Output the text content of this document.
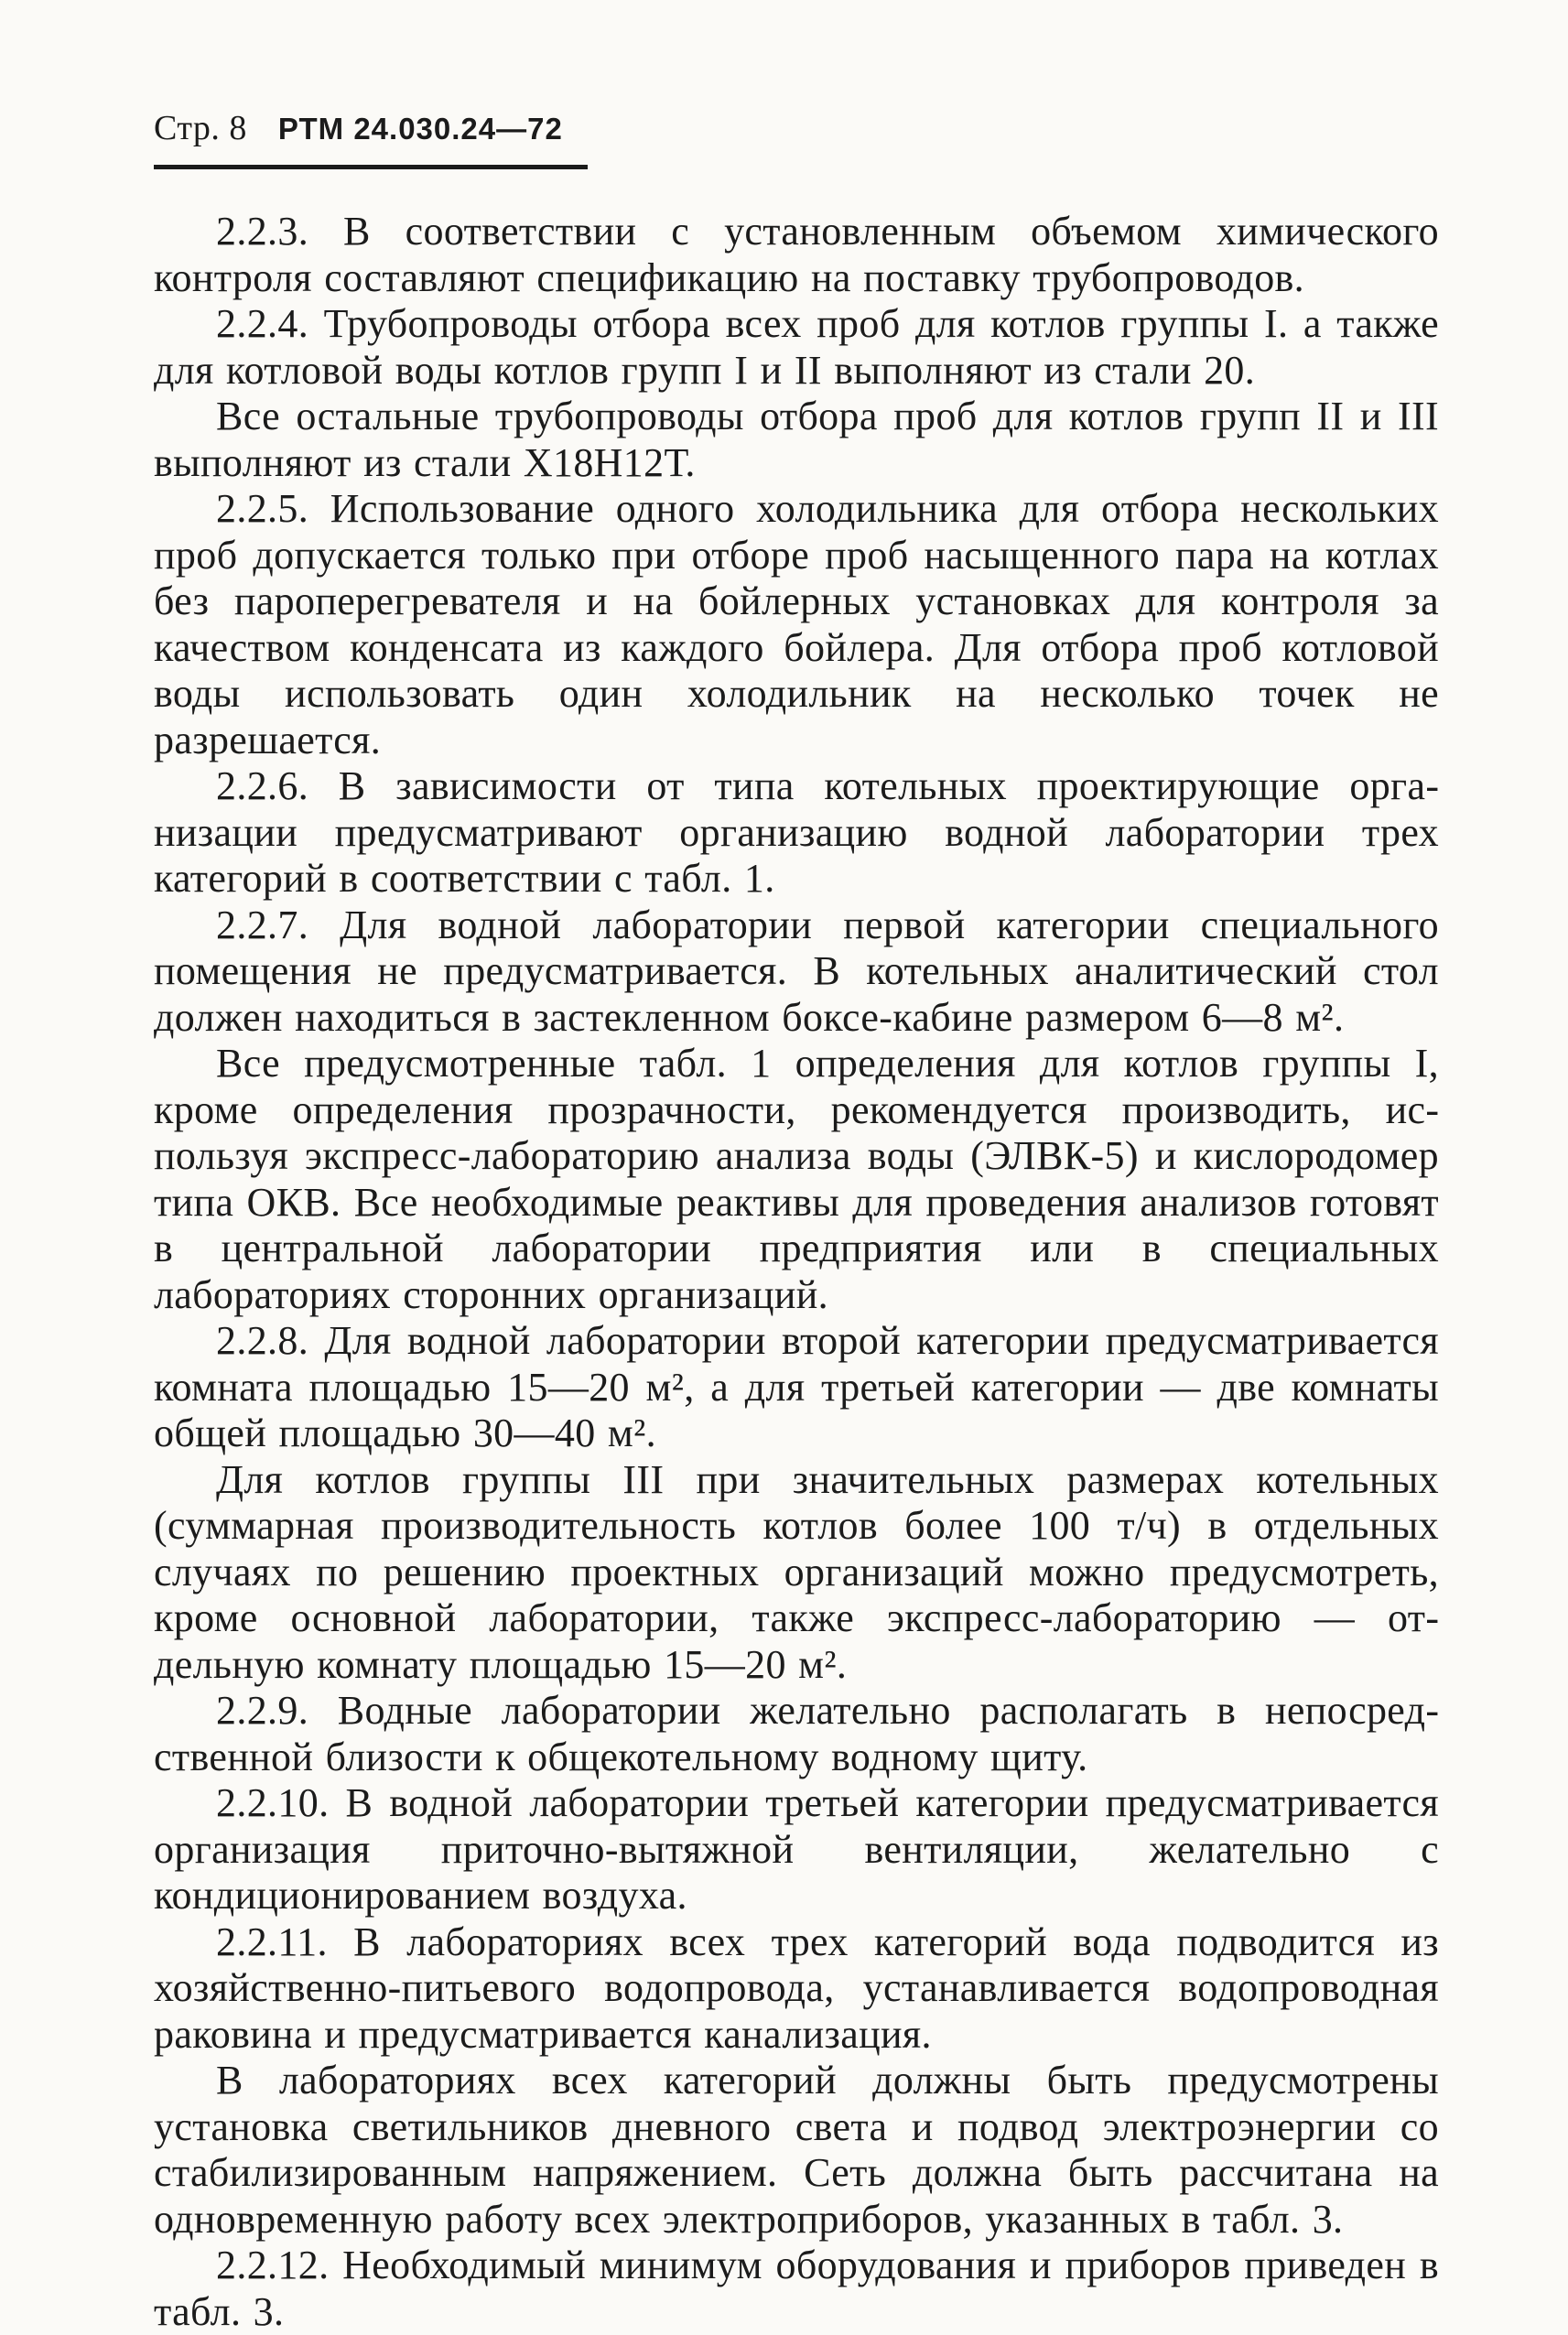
Стр. 8 РТМ 24.030.24—72

2.2.3. В соответствии с установленным объемом химического контроля составляют спецификацию на поставку трубопроводов.

2.2.4. Трубопроводы отбора всех проб для котлов группы I. а также для котловой воды котлов групп I и II выполняют из стали 20.

Все остальные трубопроводы отбора проб для котлов групп II и III выполняют из стали Х18Н12Т.

2.2.5. Использование одного холодильника для отбора нескольких проб допускается только при отборе проб насыщенного пара на котлах без пароперегревателя и на бойлерных установках для контроля за качеством конденсата из каждого бойлера. Для отбора проб котловой воды использовать один холодильник на несколько точек не разрешается.

2.2.6. В зависимости от типа котельных проектирующие организации предусматривают организацию водной лаборатории трех категорий в соответствии с табл. 1.

2.2.7. Для водной лаборатории первой категории специального помещения не предусматривается. В котельных аналитический стол должен находиться в застекленном боксе-кабине размером 6—8 м².

Все предусмотренные табл. 1 определения для котлов группы I, кроме определения прозрачности, рекомендуется производить, используя экспресс-лабораторию анализа воды (ЭЛВК-5) и кислородомер типа ОКВ. Все необходимые реактивы для проведения анализов готовят в центральной лаборатории предприятия или в специальных лабораториях сторонних организаций.

2.2.8. Для водной лаборатории второй категории предусматривается комната площадью 15—20 м², а для третьей категории — две комнаты общей площадью 30—40 м².

Для котлов группы III при значительных размерах котельных (суммарная производительность котлов более 100 т/ч) в отдельных случаях по решению проектных организаций можно предусмотреть, кроме основной лаборатории, также экспресс-лабораторию — отдельную комнату площадью 15—20 м².

2.2.9. Водные лаборатории желательно располагать в непосредственной близости к общекотельному водному щиту.

2.2.10. В водной лаборатории третьей категории предусматривается организация приточно-вытяжной вентиляции, желательно с кондиционированием воздуха.

2.2.11. В лабораториях всех трех категорий вода подводится из хозяйственно-питьевого водопровода, устанавливается водопроводная раковина и предусматривается канализация.

В лабораториях всех категорий должны быть предусмотрены установка светильников дневного света и подвод электроэнергии со стабилизированным напряжением. Сеть должна быть рассчитана на одновременную работу всех электроприборов, указанных в табл. 3.

2.2.12. Необходимый минимум оборудования и приборов приведен в табл. 3.
